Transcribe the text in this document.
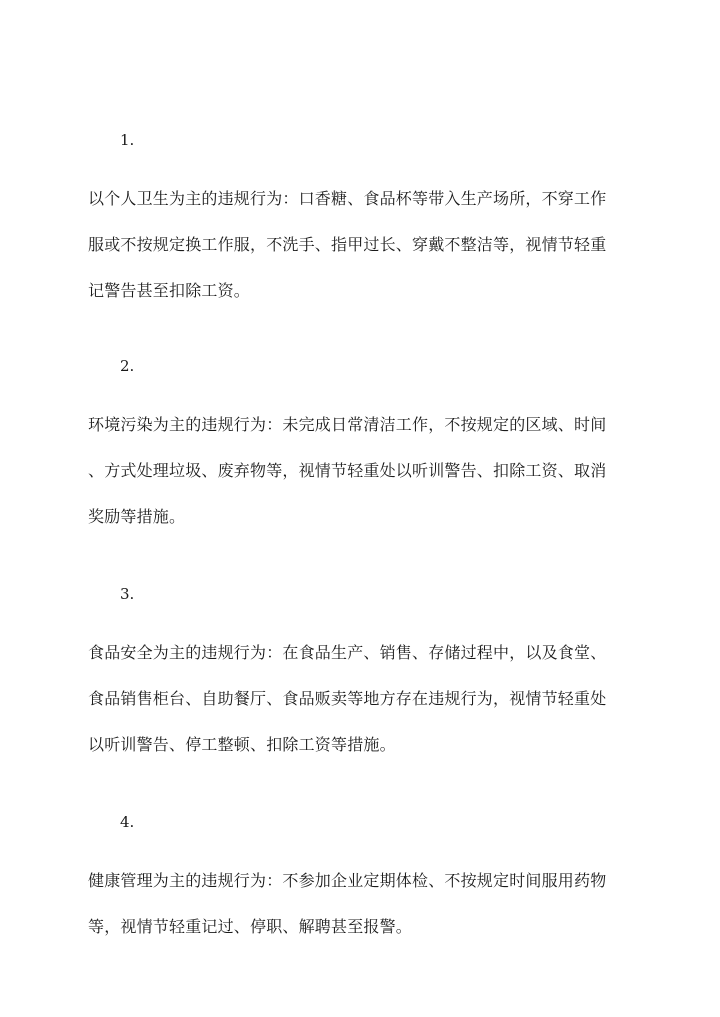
1.

以个人卫生为主的违规行为：口香糖、食品杯等带入生产场所，不穿工作
服或不按规定换工作服，不洗手、指甲过长、穿戴不整洁等，视情节轻重
记警告甚至扣除工资。

2.

环境污染为主的违规行为：未完成日常清洁工作，不按规定的区域、时间
、方式处理垃圾、废弃物等，视情节轻重处以听训警告、扣除工资、取消
奖励等措施。

3.

食品安全为主的违规行为：在食品生产、销售、存储过程中，以及食堂、
食品销售柜台、自助餐厅、食品贩卖等地方存在违规行为，视情节轻重处
以听训警告、停工整顿、扣除工资等措施。

4.

健康管理为主的违规行为：不参加企业定期体检、不按规定时间服用药物
等，视情节轻重记过、停职、解聘甚至报警。
